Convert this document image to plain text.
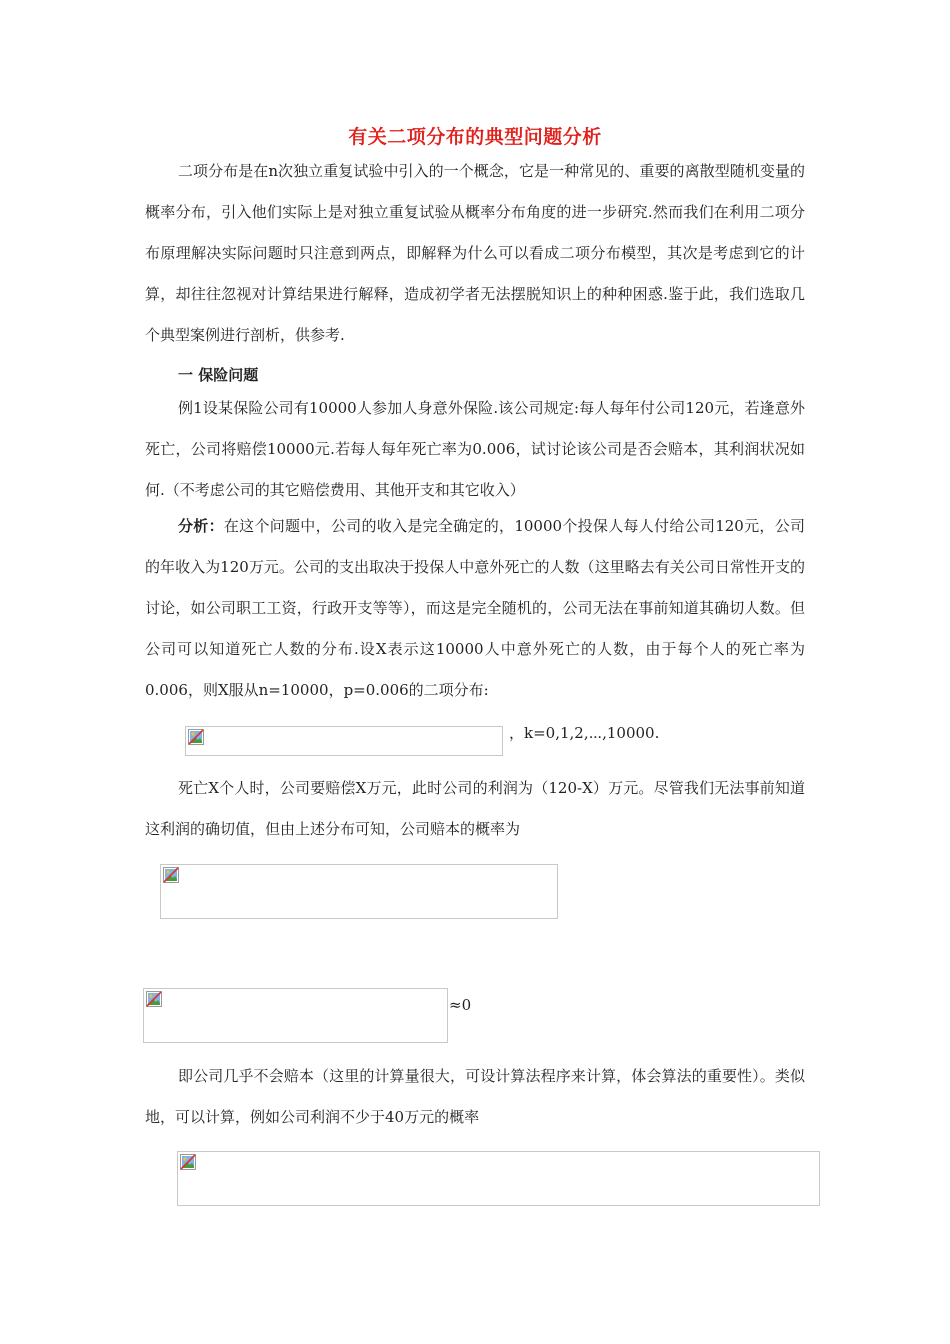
有关二项分布的典型问题分析

二项分布是在n次独立重复试验中引入的一个概念，它是一种常见的、重要的离散型随机变量的概率分布，引入他们实际上是对独立重复试验从概率分布角度的进一步研究.然而我们在利用二项分布原理解决实际问题时只注意到两点，即解释为什么可以看成二项分布模型，其次是考虑到它的计算，却往往忽视对计算结果进行解释，造成初学者无法摆脱知识上的种种困惑.鉴于此，我们选取几个典型案例进行剖析，供参考.

一 保险问题

例1设某保险公司有10000人参加人身意外保险.该公司规定:每人每年付公司120元，若逢意外死亡，公司将赔偿10000元.若每人每年死亡率为0.006，试讨论该公司是否会赔本，其利润状况如何.（不考虑公司的其它赔偿费用、其他开支和其它收入）

分析：在这个问题中，公司的收入是完全确定的，10000个投保人每人付给公司120元，公司的年收入为120万元。公司的支出取决于投保人中意外死亡的人数（这里略去有关公司日常性开支的讨论，如公司职工工资，行政开支等等），而这是完全随机的，公司无法在事前知道其确切人数。但公司可以知道死亡人数的分布.设X表示这10000人中意外死亡的人数，由于每个人的死亡率为0.006，则X服从n=10000，p=0.006的二项分布:

，k=0,1,2,⋯,10000.

死亡X个人时，公司要赔偿X万元，此时公司的利润为（120-X）万元。尽管我们无法事前知道这利润的确切值，但由上述分布可知，公司赔本的概率为

≈0

即公司几乎不会赔本（这里的计算量很大，可设计算法程序来计算，体会算法的重要性）。类似地，可以计算，例如公司利润不少于40万元的概率
